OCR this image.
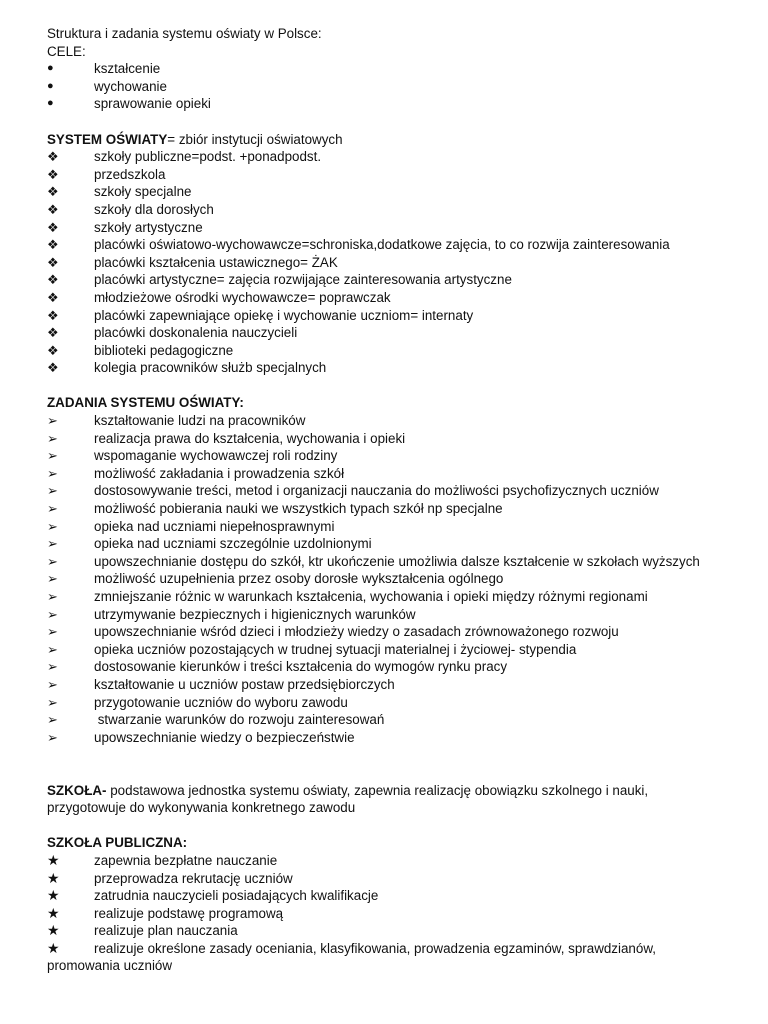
Struktura i zadania systemu oświaty w Polsce:
CELE:
●	kształcenie
●	wychowanie
●	sprawowanie opieki
SYSTEM OŚWIATY= zbiór instytucji oświatowych
❖	szkoły publiczne=podst. +ponadpodst.
❖	przedszkola
❖	szkoły specjalne
❖	szkoły dla dorosłych
❖	szkoły artystyczne
❖	placówki oświatowo-wychowawcze=schroniska,dodatkowe zajęcia, to co rozwija zainteresowania
❖	placówki kształcenia ustawicznego= ŻAK
❖	placówki artystyczne= zajęcia rozwijające zainteresowania artystyczne
❖	młodzieżowe ośrodki wychowawcze= poprawczak
❖	placówki zapewniające opiekę i wychowanie uczniom= internaty
❖	placówki doskonalenia nauczycieli
❖	biblioteki pedagogiczne
❖	kolegia pracowników służb specjalnych
ZADANIA SYSTEMU OŚWIATY:
➢	kształtowanie ludzi na pracowników
➢	realizacja prawa do kształcenia, wychowania i opieki
➢	wspomaganie wychowawczej roli rodziny
➢	możliwość zakładania i prowadzenia szkół
➢	dostosowywanie treści, metod i organizacji nauczania do możliwości psychofizycznych uczniów
➢	możliwość pobierania nauki we wszystkich typach szkół np specjalne
➢	opieka nad uczniami niepełnosprawnymi
➢	opieka nad uczniami szczególnie uzdolnionymi
➢	upowszechnianie dostępu do szkół, ktr ukończenie umożliwia dalsze kształcenie w szkołach wyższych
➢	możliwość uzupełnienia przez osoby dorosłe wykształcenia ogólnego
➢	zmniejszanie różnic w warunkach kształcenia, wychowania i opieki między różnymi regionami
➢	utrzymywanie bezpiecznych i higienicznych warunków
➢	upowszechnianie wśród dzieci i młodzieży wiedzy o zasadach zrównoważonego rozwoju
➢	opieka uczniów pozostających w trudnej sytuacji materialnej i życiowej- stypendia
➢	dostosowanie kierunków i treści kształcenia do wymogów rynku pracy
➢	kształtowanie u uczniów postaw przedsiębiorczych
➢	przygotowanie uczniów do wyboru zawodu
➢	stwarzanie warunków do rozwoju zainteresowań
➢	upowszechnianie wiedzy o bezpieczeństwie
SZKOŁA- podstawowa jednostka systemu oświaty, zapewnia realizację obowiązku szkolnego i nauki,
przygotowuje do wykonywania konkretnego zawodu
SZKOŁA PUBLICZNA:
★	zapewnia bezpłatne nauczanie
★	przeprowadza rekrutację uczniów
★	zatrudnia nauczycieli posiadających kwalifikacje
★	realizuje podstawę programową
★	realizuje plan nauczania
★	realizuje określone zasady oceniania, klasyfikowania, prowadzenia egzaminów, sprawdzianów,
promowania uczniów
